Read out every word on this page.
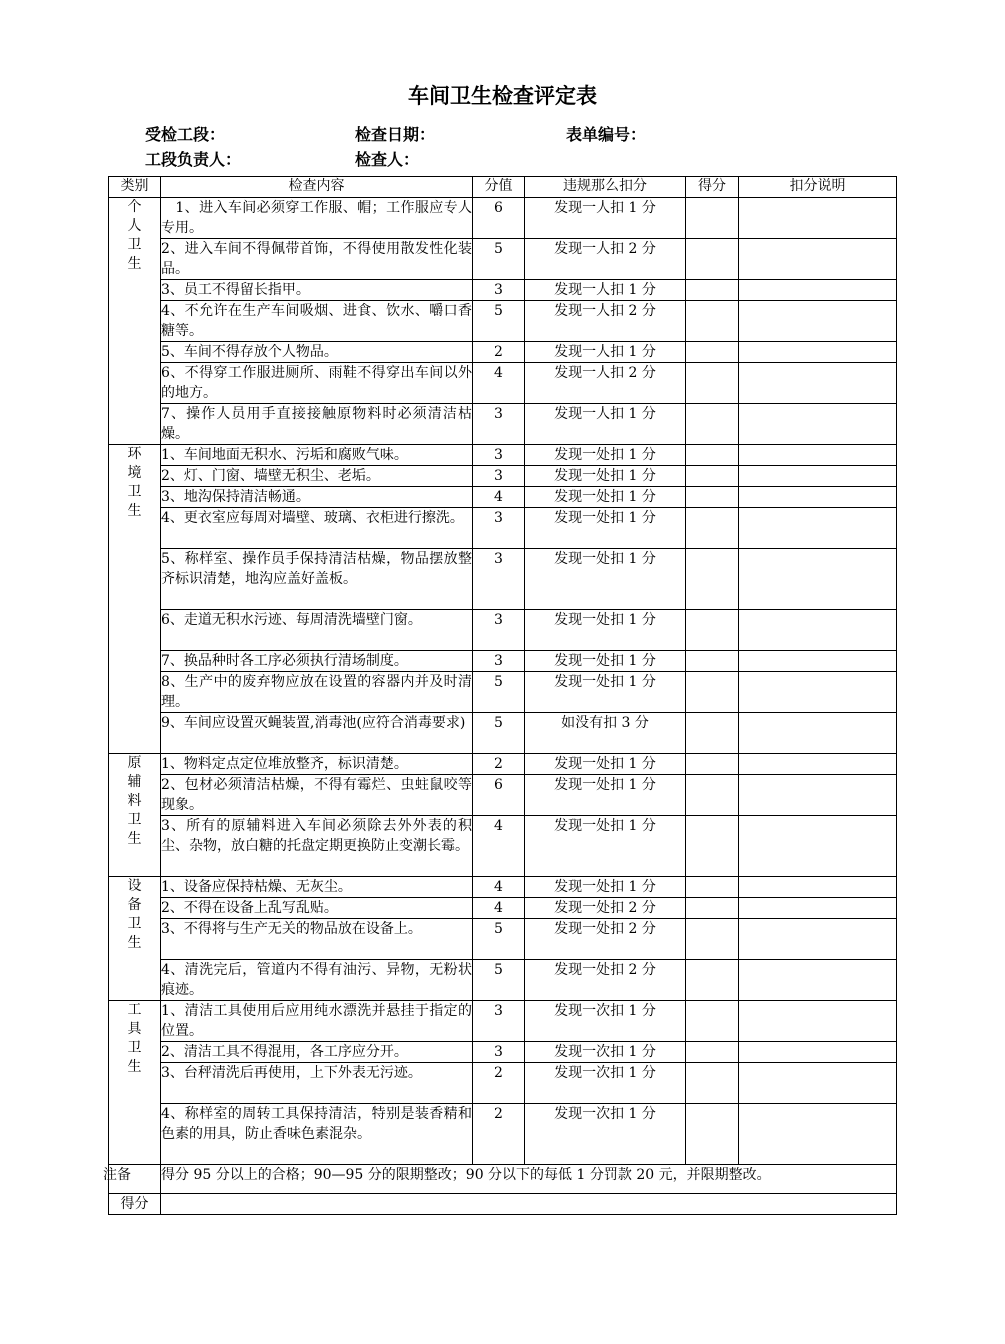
车间卫生检查评定表
受检工段：	检查日期：	表单编号：
工段负责人：	检查人：
类别	检查内容	分值	违规那么扣分	得分	扣分说明
个人卫生	　1、进入车间必须穿工作服、帽；工作服应专人专用。	6	发现一人扣 1 分		
	2、进入车间不得佩带首饰，不得使用散发性化装品。	5	发现一人扣 2 分		
	3、员工不得留长指甲。	3	发现一人扣 1 分		
	4、不允许在生产车间吸烟、进食、饮水、嚼口香糖等。	5	发现一人扣 2 分		
	5、车间不得存放个人物品。	2	发现一人扣 1 分		
	6、不得穿工作服进厕所、雨鞋不得穿出车间以外的地方。	4	发现一人扣 2 分		
	7、操作人员用手直接接触原物料时必须清洁枯燥。	3	发现一人扣 1 分		
环境卫生	1、车间地面无积水、污垢和腐败气味。	3	发现一处扣 1 分		
	2、灯、门窗、墙壁无积尘、老垢。	3	发现一处扣 1 分		
	3、地沟保持清洁畅通。	4	发现一处扣 1 分		
	4、更衣室应每周对墙壁、玻璃、衣柜进行擦洗。	3	发现一处扣 1 分		
	5、称样室、操作员手保持清洁枯燥，物品摆放整齐标识清楚，地沟应盖好盖板。	3	发现一处扣 1 分		
	6、走道无积水污迹、每周清洗墙壁门窗。	3	发现一处扣 1 分		
	7、换品种时各工序必须执行清场制度。	3	发现一处扣 1 分		
	8、生产中的废弃物应放在设置的容器内并及时清理。	5	发现一处扣 1 分		
	9、车间应设置灭蝇装置,消毒池(应符合消毒要求)	5	如没有扣 3 分		
原辅料卫生	1、物料定点定位堆放整齐，标识清楚。	2	发现一处扣 1 分		
	2、包材必须清洁枯燥，不得有霉烂、虫蛀鼠咬等现象。	6	发现一处扣 1 分		
	3、所有的原辅料进入车间必须除去外外表的积尘、杂物，放白糖的托盘定期更换防止变潮长霉。	4	发现一处扣 1 分		
设备卫生	1、设备应保持枯燥、无灰尘。	4	发现一处扣 1 分		
	2、不得在设备上乱写乱贴。	4	发现一处扣 2 分		
	3、不得将与生产无关的物品放在设备上。	5	发现一处扣 2 分		
	4、清洗完后，管道内不得有油污、异物，无粉状痕迹。	5	发现一处扣 2 分		
工具卫生	1、清洁工具使用后应用纯水漂洗并悬挂于指定的位置。	3	发现一次扣 1 分		
	2、清洁工具不得混用，各工序应分开。	3	发现一次扣 1 分		
	3、台秤清洗后再使用，上下外表无污迹。	2	发现一次扣 1 分		
	4、称样室的周转工具保持清洁，特别是装香精和色素的用具，防止香味色素混杂。	2	发现一次扣 1 分		
注备	得分 95 分以上的合格；90—95 分的限期整改；90 分以下的每低 1 分罚款 20 元，并限期整改。				
得分					
